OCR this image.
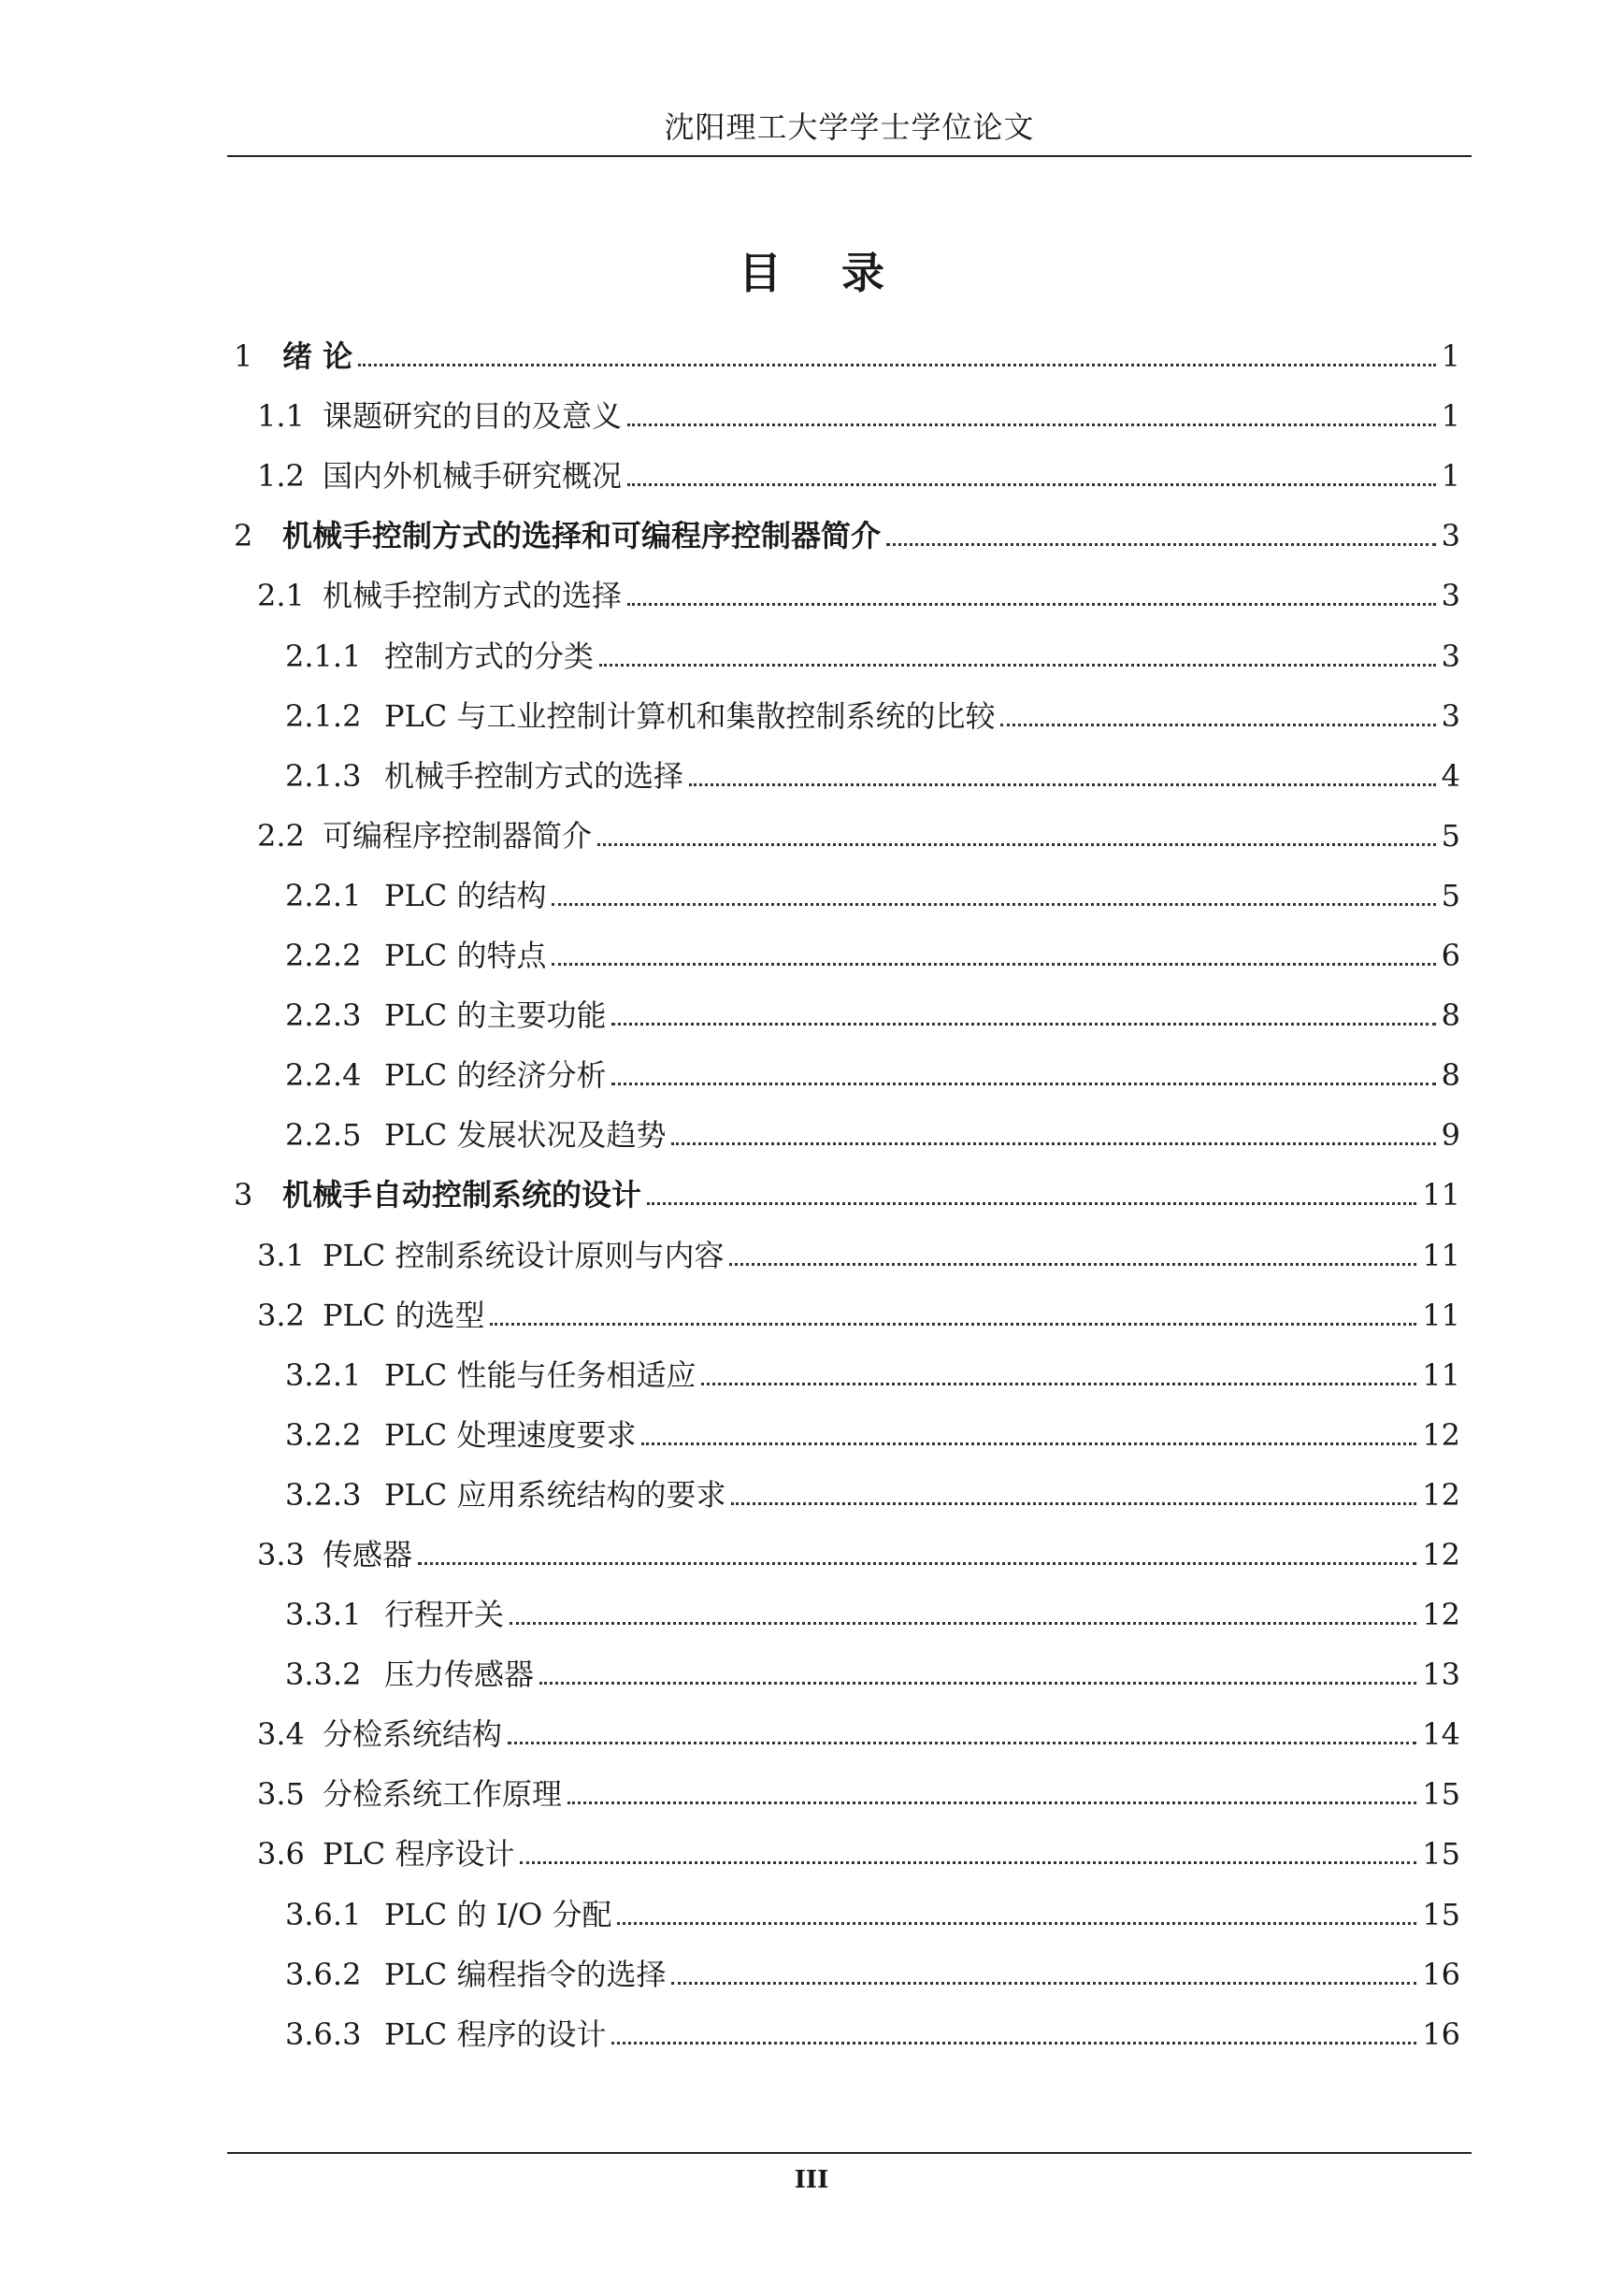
沈阳理工大学学士学位论文
目 录
1 绪 论	1
1.1 课题研究的目的及意义	1
1.2 国内外机械手研究概况	1
2 机械手控制方式的选择和可编程序控制器简介	3
2.1 机械手控制方式的选择	3
2.1.1 控制方式的分类	3
2.1.2 PLC 与工业控制计算机和集散控制系统的比较	3
2.1.3 机械手控制方式的选择	4
2.2 可编程序控制器简介	5
2.2.1 PLC 的结构	5
2.2.2 PLC 的特点	6
2.2.3 PLC 的主要功能	8
2.2.4 PLC 的经济分析	8
2.2.5 PLC 发展状况及趋势	9
3 机械手自动控制系统的设计	11
3.1 PLC 控制系统设计原则与内容	11
3.2 PLC 的选型	11
3.2.1 PLC 性能与任务相适应	11
3.2.2 PLC 处理速度要求	12
3.2.3 PLC 应用系统结构的要求	12
3.3 传感器	12
3.3.1 行程开关	12
3.3.2 压力传感器	13
3.4 分检系统结构	14
3.5 分检系统工作原理	15
3.6 PLC 程序设计	15
3.6.1 PLC 的 I/O 分配	15
3.6.2 PLC 编程指令的选择	16
3.6.3 PLC 程序的设计	16
III
